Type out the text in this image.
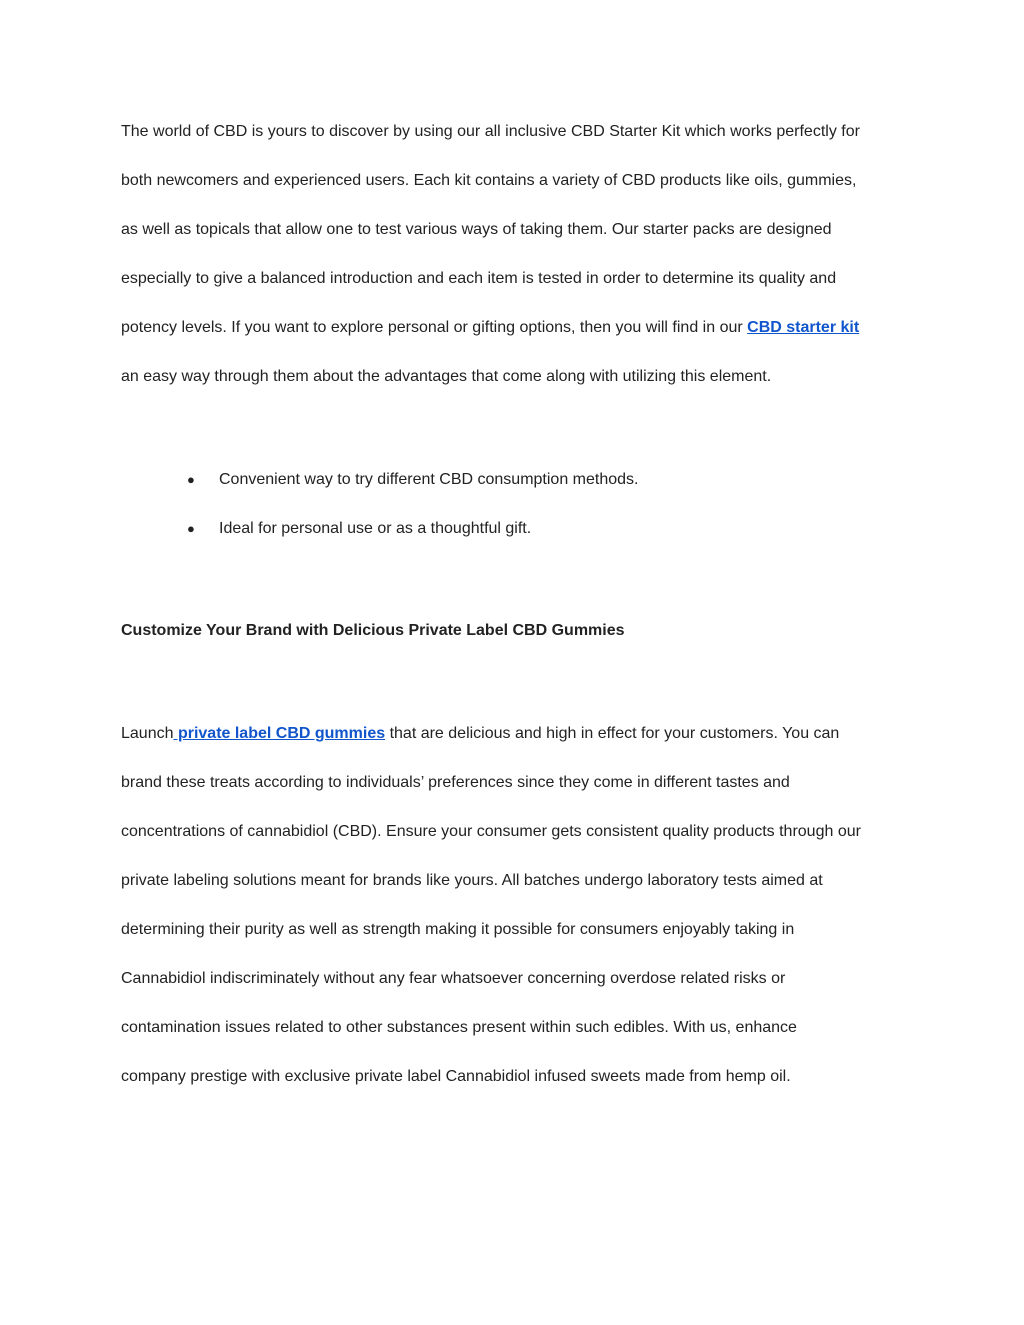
The world of CBD is yours to discover by using our all inclusive CBD Starter Kit which works perfectly for
both newcomers and experienced users. Each kit contains a variety of CBD products like oils, gummies,
as well as topicals that allow one to test various ways of taking them. Our starter packs are designed
especially to give a balanced introduction and each item is tested in order to determine its quality and
potency levels. If you want to explore personal or gifting options, then you will find in our CBD starter kit
an easy way through them about the advantages that come along with utilizing this element.
● Convenient way to try different CBD consumption methods.
● Ideal for personal use or as a thoughtful gift.
Customize Your Brand with Delicious Private Label CBD Gummies
Launch private label CBD gummies that are delicious and high in effect for your customers. You can
brand these treats according to individuals’ preferences since they come in different tastes and
concentrations of cannabidiol (CBD). Ensure your consumer gets consistent quality products through our
private labeling solutions meant for brands like yours. All batches undergo laboratory tests aimed at
determining their purity as well as strength making it possible for consumers enjoyably taking in
Cannabidiol indiscriminately without any fear whatsoever concerning overdose related risks or
contamination issues related to other substances present within such edibles. With us, enhance
company prestige with exclusive private label Cannabidiol infused sweets made from hemp oil.
